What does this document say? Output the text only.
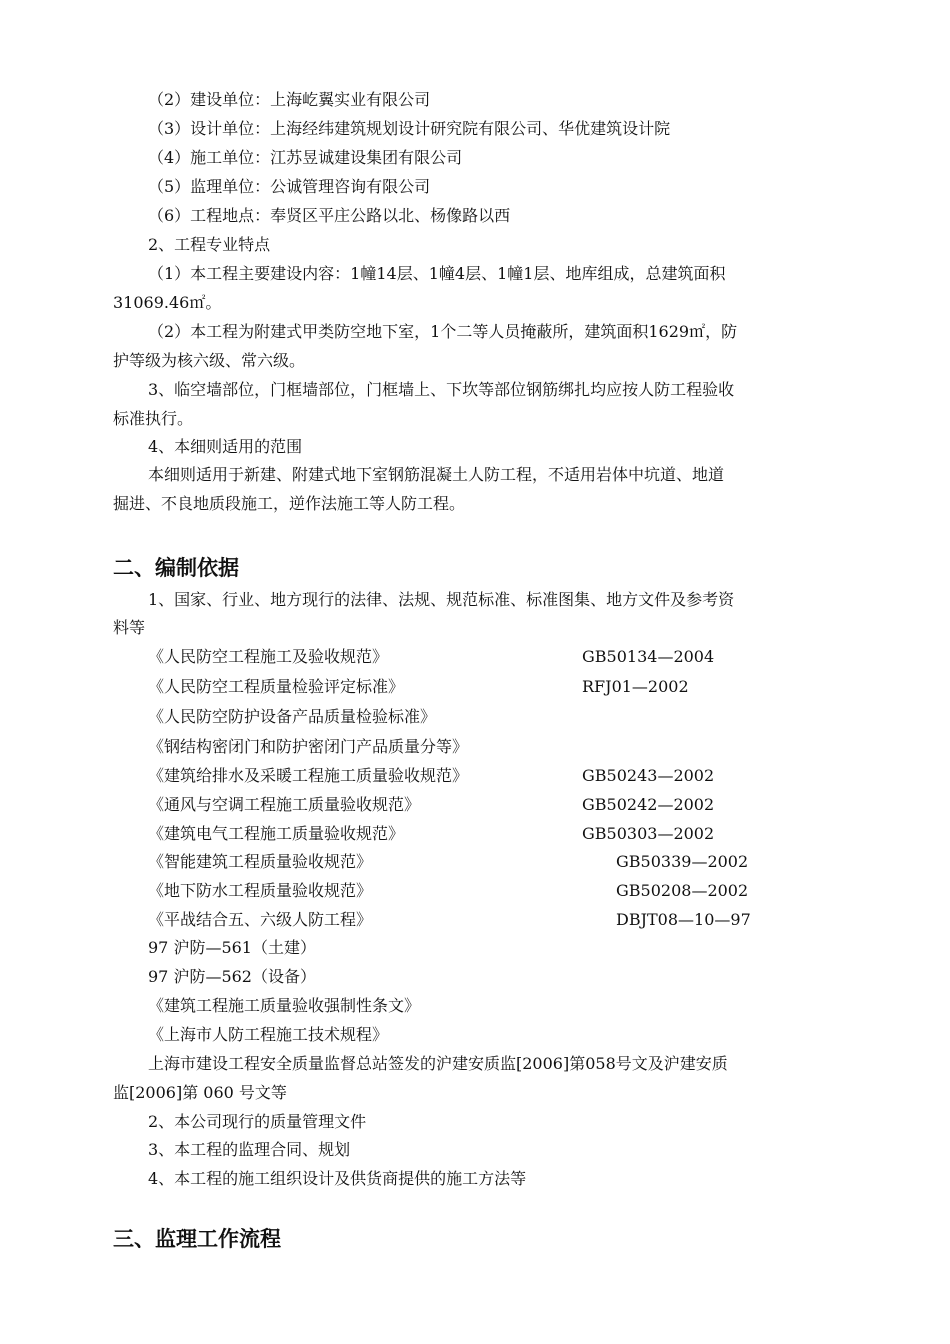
（2）建设单位：上海屹翼实业有限公司
（3）设计单位：上海经纬建筑规划设计研究院有限公司、华优建筑设计院
（4）施工单位：江苏昱诚建设集团有限公司
（5）监理单位：公诚管理咨询有限公司
（6）工程地点：奉贤区平庄公路以北、杨像路以西
2、工程专业特点
（1）本工程主要建设内容：1幢14层、1幢4层、1幢1层、地库组成，总建筑面积
31069.46㎡。
（2）本工程为附建式甲类防空地下室，1个二等人员掩蔽所，建筑面积1629㎡，防
护等级为核六级、常六级。
3、临空墙部位，门框墙部位，门框墙上、下坎等部位钢筋绑扎均应按人防工程验收
标准执行。
4、本细则适用的范围
本细则适用于新建、附建式地下室钢筋混凝土人防工程，不适用岩体中坑道、地道
掘进、不良地质段施工，逆作法施工等人防工程。
二、编制依据
1、国家、行业、地方现行的法律、法规、规范标准、标准图集、地方文件及参考资
料等
《人民防空工程施工及验收规范》	GB50134—2004
《人民防空工程质量检验评定标准》	RFJ01—2002
《人民防空防护设备产品质量检验标准》
《钢结构密闭门和防护密闭门产品质量分等》
《建筑给排水及采暖工程施工质量验收规范》	GB50243—2002
《通风与空调工程施工质量验收规范》	GB50242—2002
《建筑电气工程施工质量验收规范》	GB50303—2002
《智能建筑工程质量验收规范》	GB50339—2002
《地下防水工程质量验收规范》	GB50208—2002
《平战结合五、六级人防工程》	DBJT08—10—97
97 沪防—561（土建）
97 沪防—562（设备）
《建筑工程施工质量验收强制性条文》
《上海市人防工程施工技术规程》
上海市建设工程安全质量监督总站签发的沪建安质监[2006]第058号文及沪建安质
监[2006]第 060 号文等
2、本公司现行的质量管理文件
3、本工程的监理合同、规划
4、本工程的施工组织设计及供货商提供的施工方法等
三、监理工作流程
